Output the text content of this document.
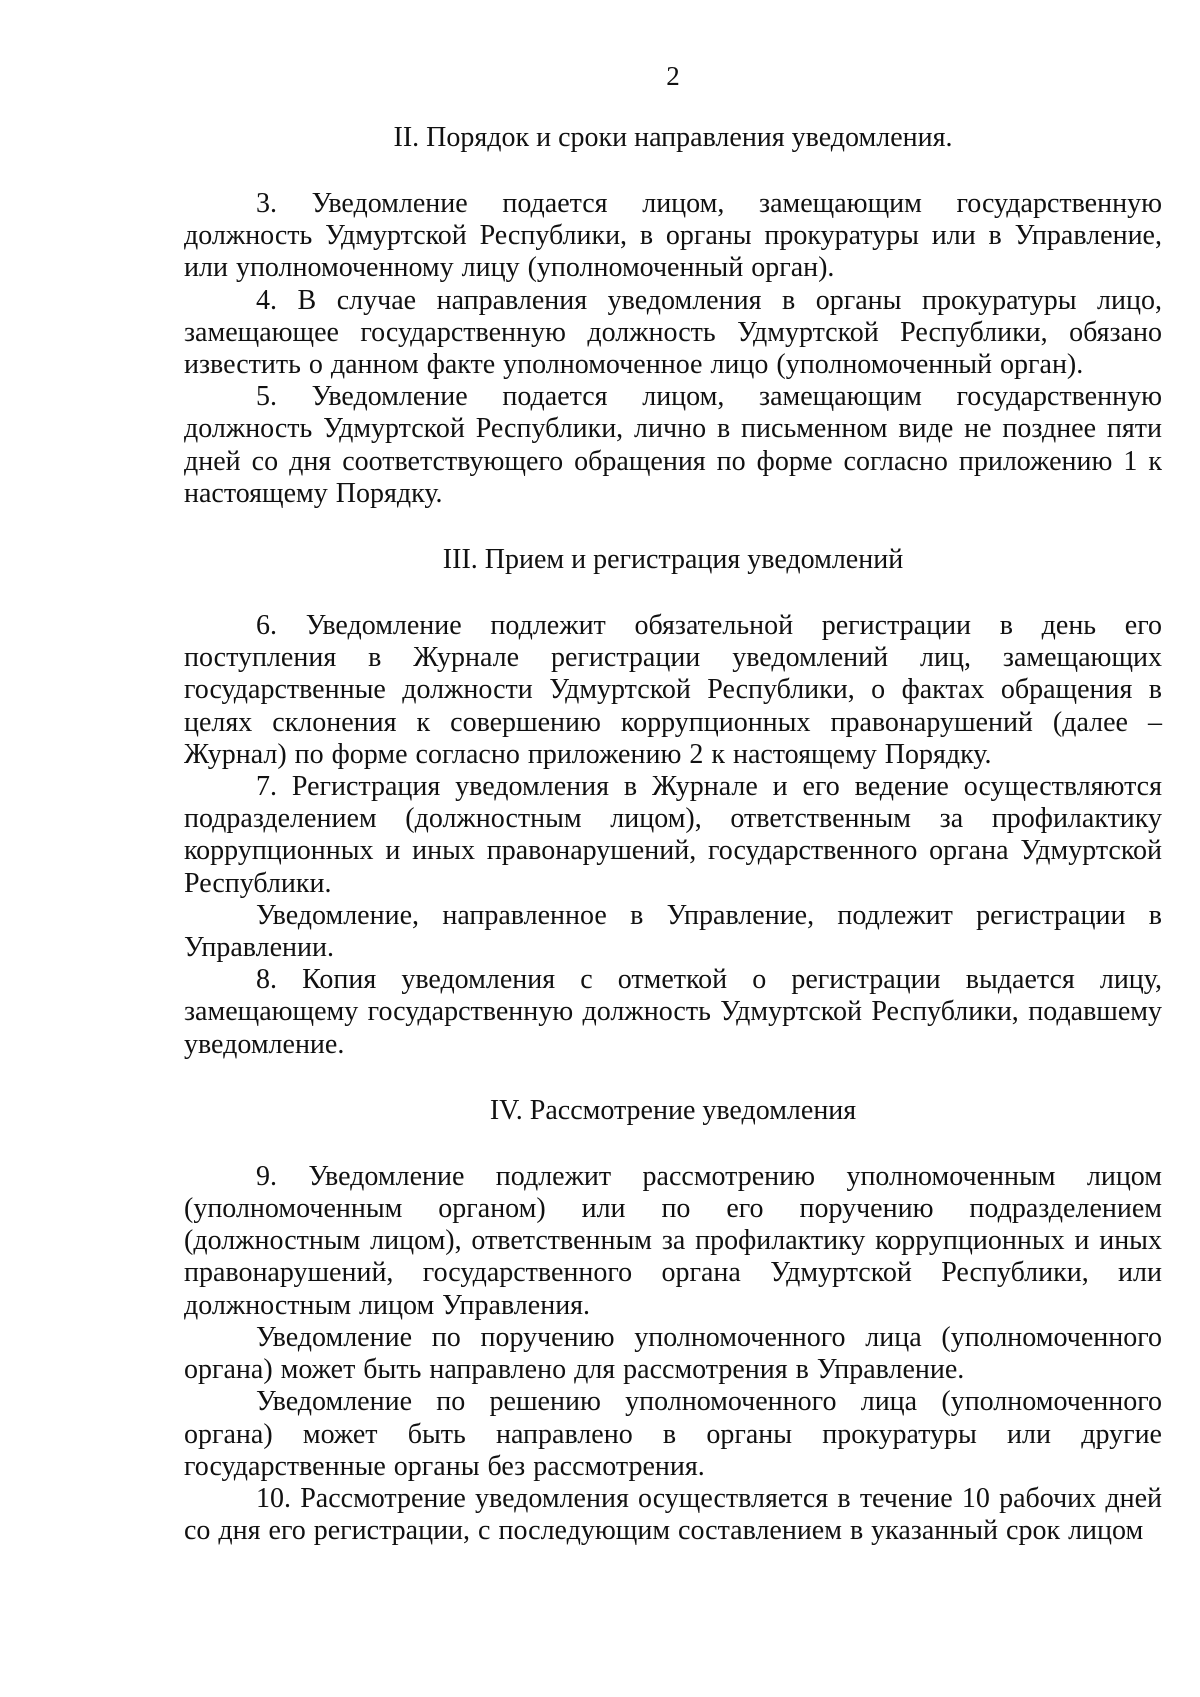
2
II. Порядок и сроки направления уведомления.

3. Уведомление подается лицом, замещающим государственную должность Удмуртской Республики, в органы прокуратуры или в Управление, или уполномоченному лицу (уполномоченный орган).

4. В случае направления уведомления в органы прокуратуры лицо, замещающее государственную должность Удмуртской Республики, обязано известить о данном факте уполномоченное лицо (уполномоченный орган).

5. Уведомление подается лицом, замещающим государственную должность Удмуртской Республики, лично в письменном виде не позднее пяти дней со дня соответствующего обращения по форме согласно приложению 1 к настоящему Порядку.

III. Прием и регистрация уведомлений

6. Уведомление подлежит обязательной регистрации в день его поступления в Журнале регистрации уведомлений лиц, замещающих государственные должности Удмуртской Республики, о фактах обращения в целях склонения к совершению коррупционных правонарушений (далее – Журнал) по форме согласно приложению 2 к настоящему Порядку.

7. Регистрация уведомления в Журнале и его ведение осуществляются подразделением (должностным лицом), ответственным за профилактику коррупционных и иных правонарушений, государственного органа Удмуртской Республики.

Уведомление, направленное в Управление, подлежит регистрации в Управлении.

8. Копия уведомления с отметкой о регистрации выдается лицу, замещающему государственную должность Удмуртской Республики, подавшему уведомление.

IV. Рассмотрение уведомления

9. Уведомление подлежит рассмотрению уполномоченным лицом (уполномоченным органом) или по его поручению подразделением (должностным лицом), ответственным за профилактику коррупционных и иных правонарушений, государственного органа Удмуртской Республики, или должностным лицом Управления.

Уведомление по поручению уполномоченного лица (уполномоченного органа) может быть направлено для рассмотрения в Управление.

Уведомление по решению уполномоченного лица (уполномоченного органа) может быть направлено в органы прокуратуры или другие государственные органы без рассмотрения.

10. Рассмотрение уведомления осуществляется в течение 10 рабочих дней со дня его регистрации, с последующим составлением в указанный срок лицом
